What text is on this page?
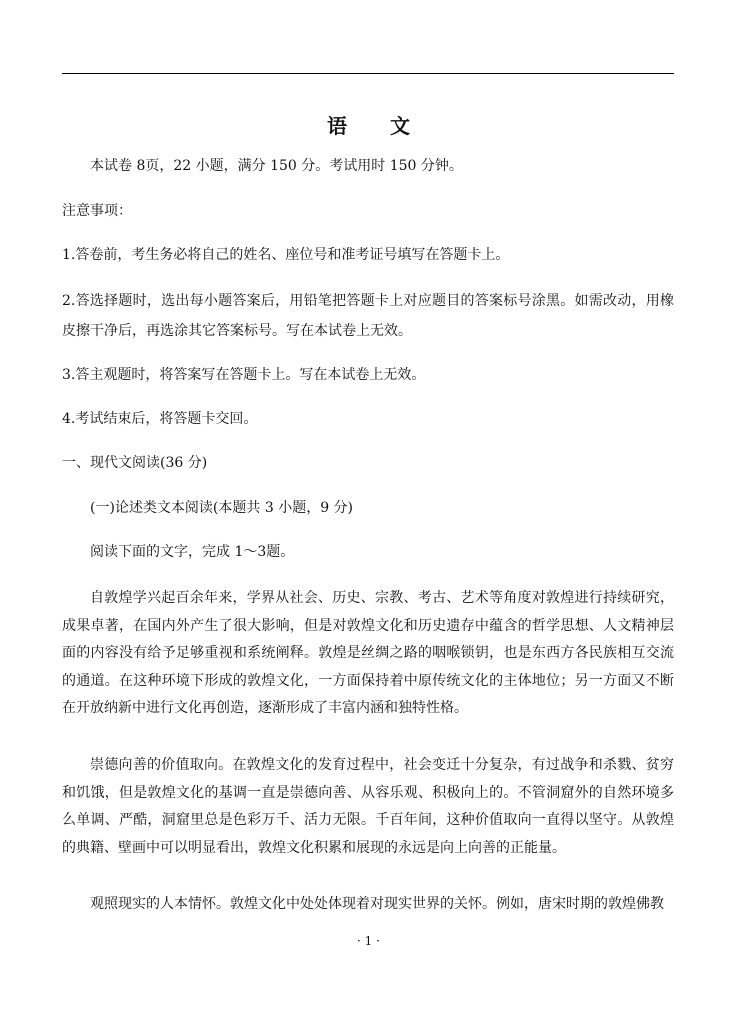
语 文
本试卷 8页，22 小题，满分 150 分。考试用时 150 分钟。
注意事项：
1.答卷前，考生务必将自己的姓名、座位号和准考证号填写在答题卡上。
2.答选择题时，选出每小题答案后，用铅笔把答题卡上对应题目的答案标号涂黑。如需改动，用橡皮擦干净后，再选涂其它答案标号。写在本试卷上无效。
3.答主观题时，将答案写在答题卡上。写在本试卷上无效。
4.考试结束后，将答题卡交回。
一、现代文阅读(36 分)
(一)论述类文本阅读(本题共 3 小题，9 分)
阅读下面的文字，完成 1～3题。
自敦煌学兴起百余年来，学界从社会、历史、宗教、考古、艺术等角度对敦煌进行持续研究，成果卓著，在国内外产生了很大影响，但是对敦煌文化和历史遗存中蕴含的哲学思想、人文精神层面的内容没有给予足够重视和系统阐释。敦煌是丝绸之路的咽喉锁钥，也是东西方各民族相互交流的通道。在这种环境下形成的敦煌文化，一方面保持着中原传统文化的主体地位；另一方面又不断在开放纳新中进行文化再创造，逐渐形成了丰富内涵和独特性格。
崇德向善的价值取向。在敦煌文化的发育过程中，社会变迁十分复杂，有过战争和杀戮、贫穷和饥饿，但是敦煌文化的基调一直是崇德向善、从容乐观、积极向上的。不管洞窟外的自然环境多么单调、严酷，洞窟里总是色彩万千、活力无限。千百年间，这种价值取向一直得以坚守。从敦煌的典籍、壁画中可以明显看出，敦煌文化积累和展现的永远是向上向善的正能量。
观照现实的人本情怀。敦煌文化中处处体现着对现实世界的关怀。例如，唐宋时期的敦煌佛教
· 1 ·
